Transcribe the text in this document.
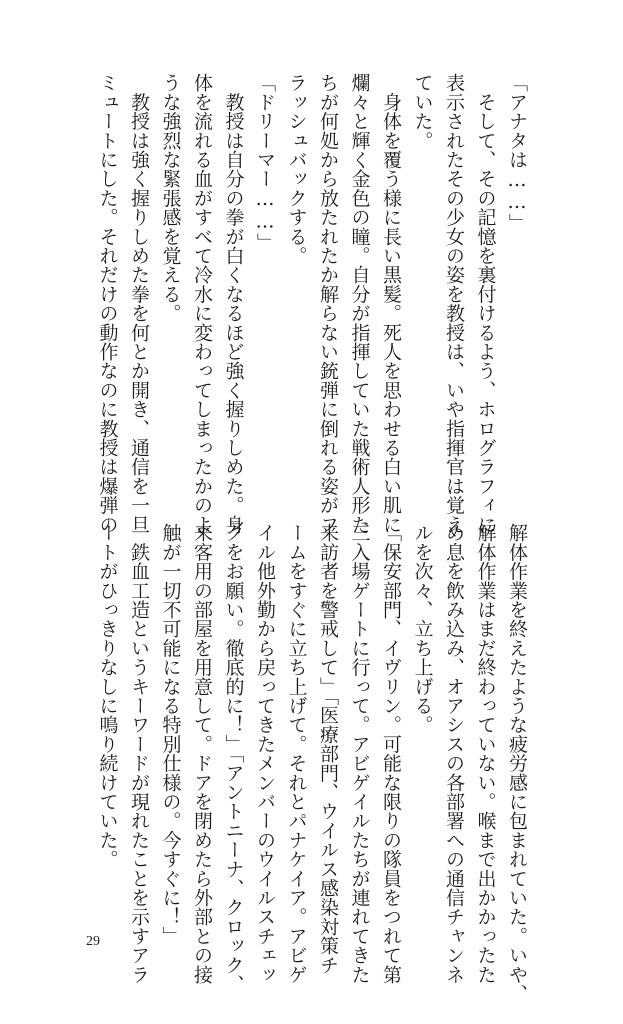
「アナタは……」

　そして、その記憶を裏付けるよう、ホログラフィに

表示されたその少女の姿を教授は、いや指揮官は覚え

ていた。

　身体を覆う様に長い黒髪。死人を思わせる白い肌に

爛々と輝く金色の瞳。自分が指揮していた戦術人形た

ちが何処から放たれたか解らない銃弾に倒れる姿がフ

ラッシュバックする。

「ドリーマー……」

　教授は自分の拳が白くなるほど強く握りしめた。身

体を流れる血がすべて冷水に変わってしまったかのよ

うな強烈な緊張感を覚える。

　教授は強く握りしめた拳を何とか開き、通信を一旦

ミュートにした。それだけの動作なのに教授は爆弾の

解体作業を終えたような疲労感に包まれていた。いや、

解体作業はまだ終わっていない。喉まで出かかったた

め息を飲み込み、オアシスの各部署への通信チャンネ

ルを次々、立ち上げる。

「保安部門、イヴリン。可能な限りの隊員をつれて第

三入場ゲートに行って。アビゲイルたちが連れてきた

来訪者を警戒して」「医療部門、ウイルス感染対策チ

ームをすぐに立ち上げて。それとパナケイア。アビゲ

イル他外勤から戻ってきたメンバーのウイルスチェッ

クをお願い。徹底的に！」「アントニーナ、クロック、

来客用の部屋を用意して。ドアを閉めたら外部との接

触が一切不可能になる特別仕様の。今すぐに！」

　鉄血工造というキーワードが現れたことを示すアラ

ートがひっきりなしに鳴り続けていた。

29
